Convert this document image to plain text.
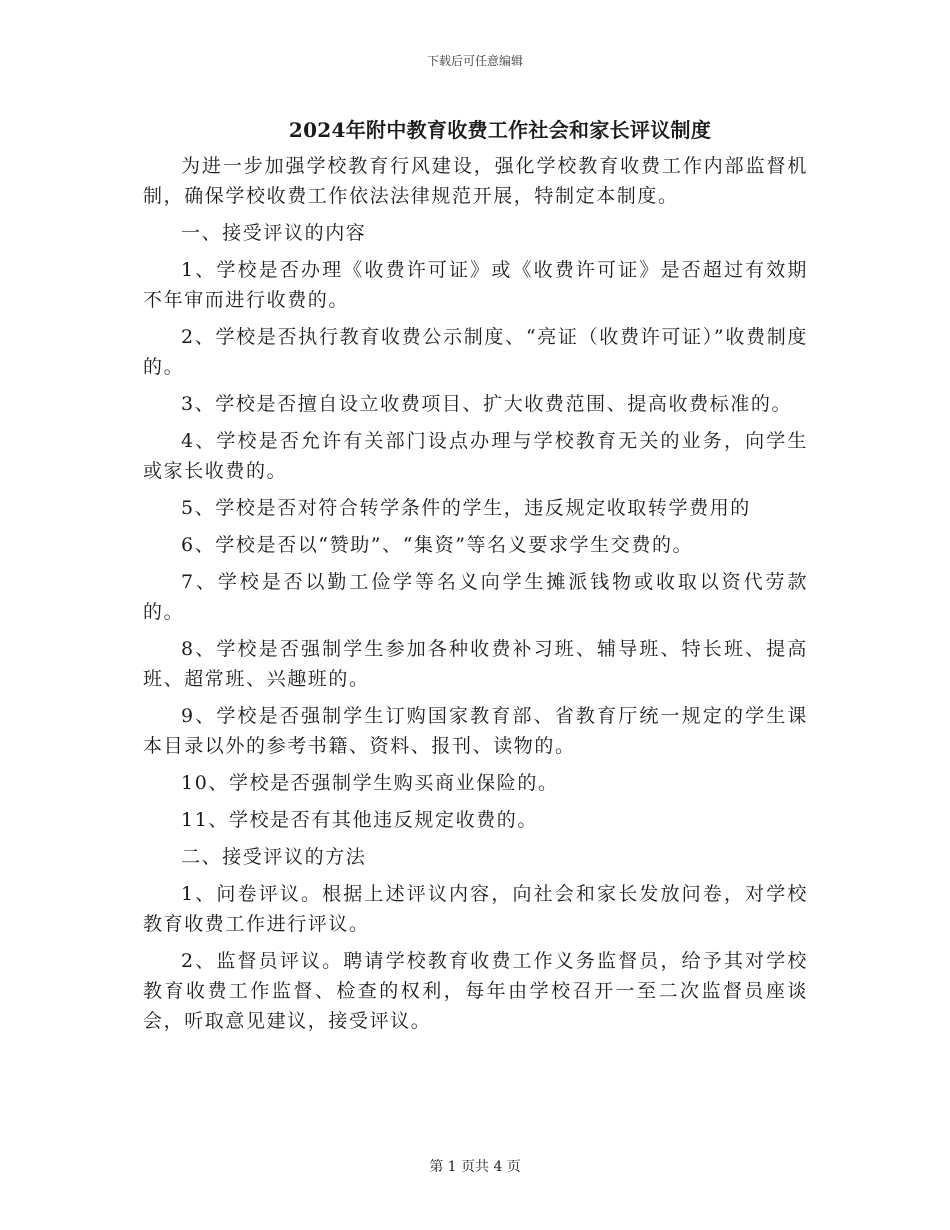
下载后可任意编辑
2024年附中教育收费工作社会和家长评议制度

为进一步加强学校教育行风建设，强化学校教育收费工作内部监督机制，确保学校收费工作依法法律规范开展，特制定本制度。

一、接受评议的内容

1、学校是否办理《收费许可证》或《收费许可证》是否超过有效期不年审而进行收费的。

2、学校是否执行教育收费公示制度、“亮证（收费许可证）”收费制度的。

3、学校是否擅自设立收费项目、扩大收费范围、提高收费标准的。

4、学校是否允许有关部门设点办理与学校教育无关的业务，向学生或家长收费的。

5、学校是否对符合转学条件的学生，违反规定收取转学费用的

6、学校是否以“赞助”、“集资”等名义要求学生交费的。

7、学校是否以勤工俭学等名义向学生摊派钱物或收取以资代劳款的。

8、学校是否强制学生参加各种收费补习班、辅导班、特长班、提高班、超常班、兴趣班的。

9、学校是否强制学生订购国家教育部、省教育厅统一规定的学生课本目录以外的参考书籍、资料、报刊、读物的。

10、学校是否强制学生购买商业保险的。

11、学校是否有其他违反规定收费的。

二、接受评议的方法

1、问卷评议。根据上述评议内容，向社会和家长发放问卷，对学校教育收费工作进行评议。

2、监督员评议。聘请学校教育收费工作义务监督员，给予其对学校教育收费工作监督、检查的权利，每年由学校召开一至二次监督员座谈会，听取意见建议，接受评议。

第 1 页共 4 页
